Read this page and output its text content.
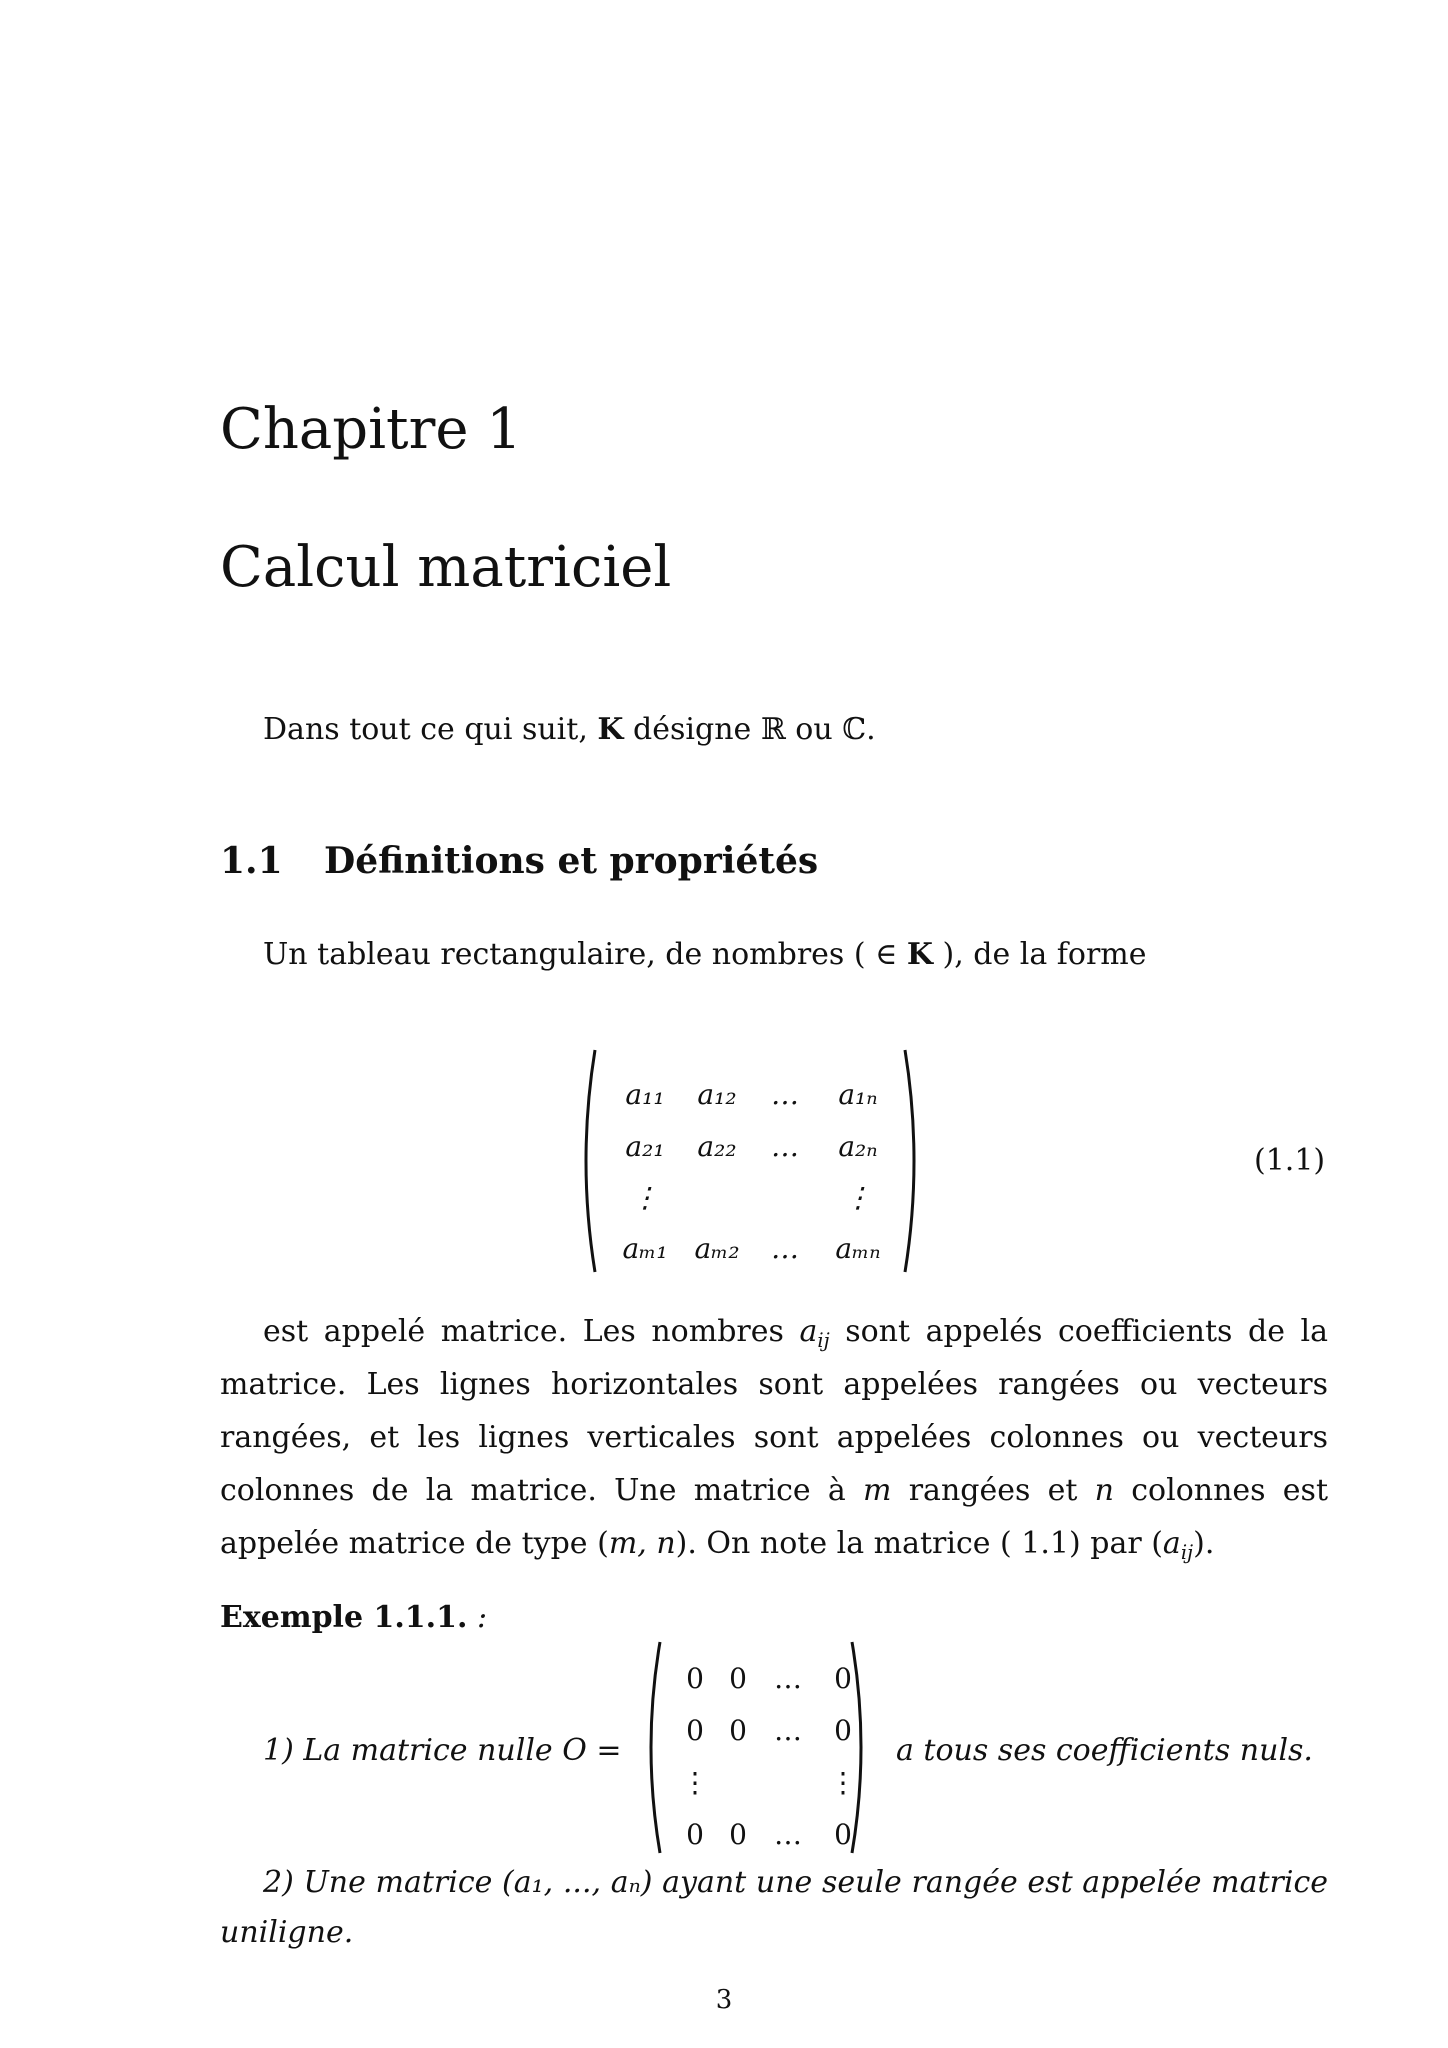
Chapitre 1
Calcul matriciel
Dans tout ce qui suit, K désigne ℝ ou ℂ.
1.1 Définitions et propriétés
Un tableau rectangulaire, de nombres ( ∈ K ), de la forme
a₁₁ a₁₂ … a₁ₙ
a₂₁ a₂₂ … a₂ₙ
⋮	⋮
aₘ₁ aₘ₂ … aₘₙ
(1.1)
est appelé matrice. Les nombres $a_{ij}$ sont appelés coefficients de la matrice. Les lignes horizontales sont appelées rangées ou vecteurs rangées, et les lignes verticales sont appelées colonnes ou vecteurs colonnes de la matrice. Une matrice à m rangées et n colonnes est appelée matrice de type (m, n). On note la matrice ( 1.1) par $(a_{ij})$.
Exemple 1.1.1. :
1) La matrice nulle O =
0 0 … 0
0 0 … 0
⋮	⋮
0 0 … 0
a tous ses coefficients nuls.
2) Une matrice (a₁, ..., aₙ) ayant une seule rangée est appelée matrice unilignе.
3
